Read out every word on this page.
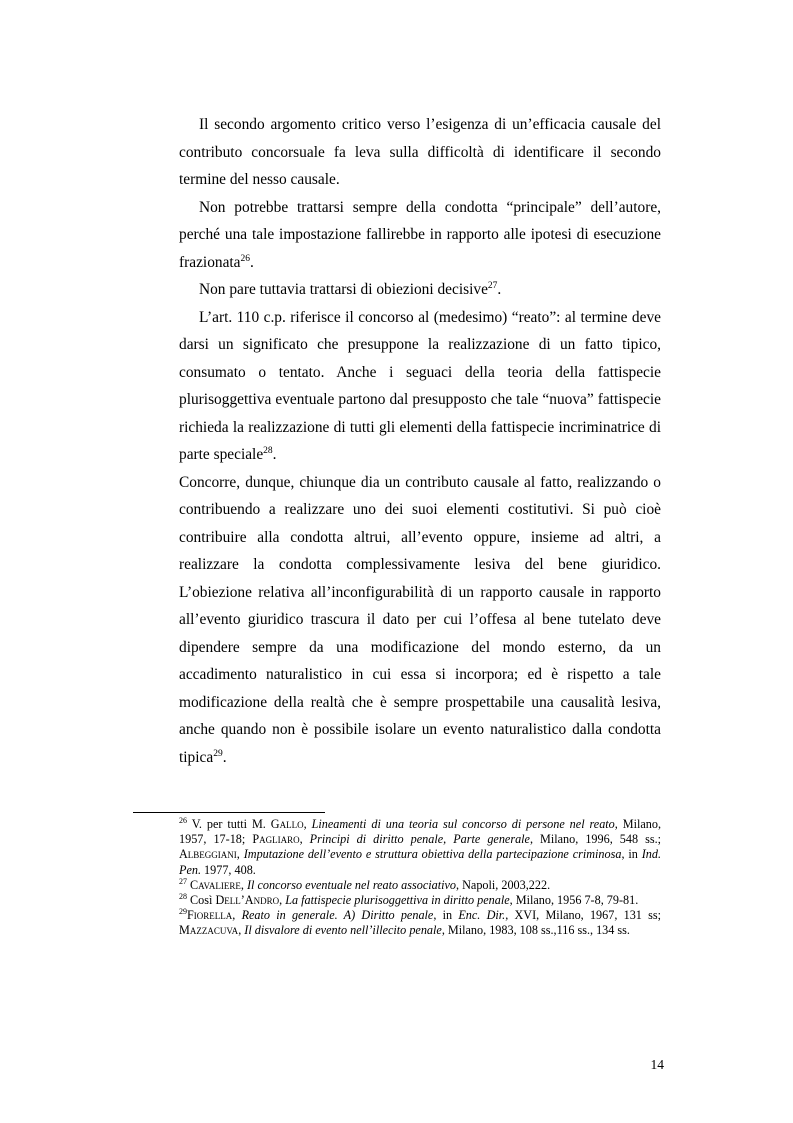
Il secondo argomento critico verso l’esigenza di un’efficacia causale del contributo concorsuale fa leva sulla difficoltà di identificare il secondo termine del nesso causale.

Non potrebbe trattarsi sempre della condotta “principale” dell’autore, perché una tale impostazione fallirebbe in rapporto alle ipotesi di esecuzione frazionata$^{26}$.

Non pare tuttavia trattarsi di obiezioni decisive$^{27}$.

L’art. 110 c.p. riferisce il concorso al (medesimo) “reato”: al termine deve darsi un significato che presuppone la realizzazione di un fatto tipico, consumato o tentato. Anche i seguaci della teoria della fattispecie plurisoggettiva eventuale partono dal presupposto che tale “nuova” fattispecie richieda la realizzazione di tutti gli elementi della fattispecie incriminatrice di parte speciale$^{28}$.

Concorre, dunque, chiunque dia un contributo causale al fatto, realizzando o contribuendo a realizzare uno dei suoi elementi costitutivi. Si può cioè contribuire alla condotta altrui, all’evento oppure, insieme ad altri, a realizzare la condotta complessivamente lesiva del bene giuridico. L’obiezione relativa all’inconfigurabilità di un rapporto causale in rapporto all’evento giuridico trascura il dato per cui l’offesa al bene tutelato deve dipendere sempre da una modificazione del mondo esterno, da un accadimento naturalistico in cui essa si incorpora; ed è rispetto a tale modificazione della realtà che è sempre prospettabile una causalità lesiva, anche quando non è possibile isolare un evento naturalistico dalla condotta tipica$^{29}$.

$^{26}$ V. per tutti M. Gallo, Lineamenti di una teoria sul concorso di persone nel reato, Milano, 1957, 17-18; Pagliaro, Principi di diritto penale, Parte generale, Milano, 1996, 548 ss.; Albeggiani, Imputazione dell’evento e struttura obiettiva della partecipazione criminosa, in Ind. Pen. 1977, 408.

$^{27}$ Cavaliere, Il concorso eventuale nel reato associativo, Napoli, 2003,222.

$^{28}$ Così Dell’Andro, La fattispecie plurisoggettiva in diritto penale, Milano, 1956 7-8, 79-81.

$^{29}$Fiorella, Reato in generale. A) Diritto penale, in Enc. Dir., XVI, Milano, 1967, 131 ss; Mazzacuva, Il disvalore di evento nell’illecito penale, Milano, 1983, 108 ss.,116 ss., 134 ss.

14
